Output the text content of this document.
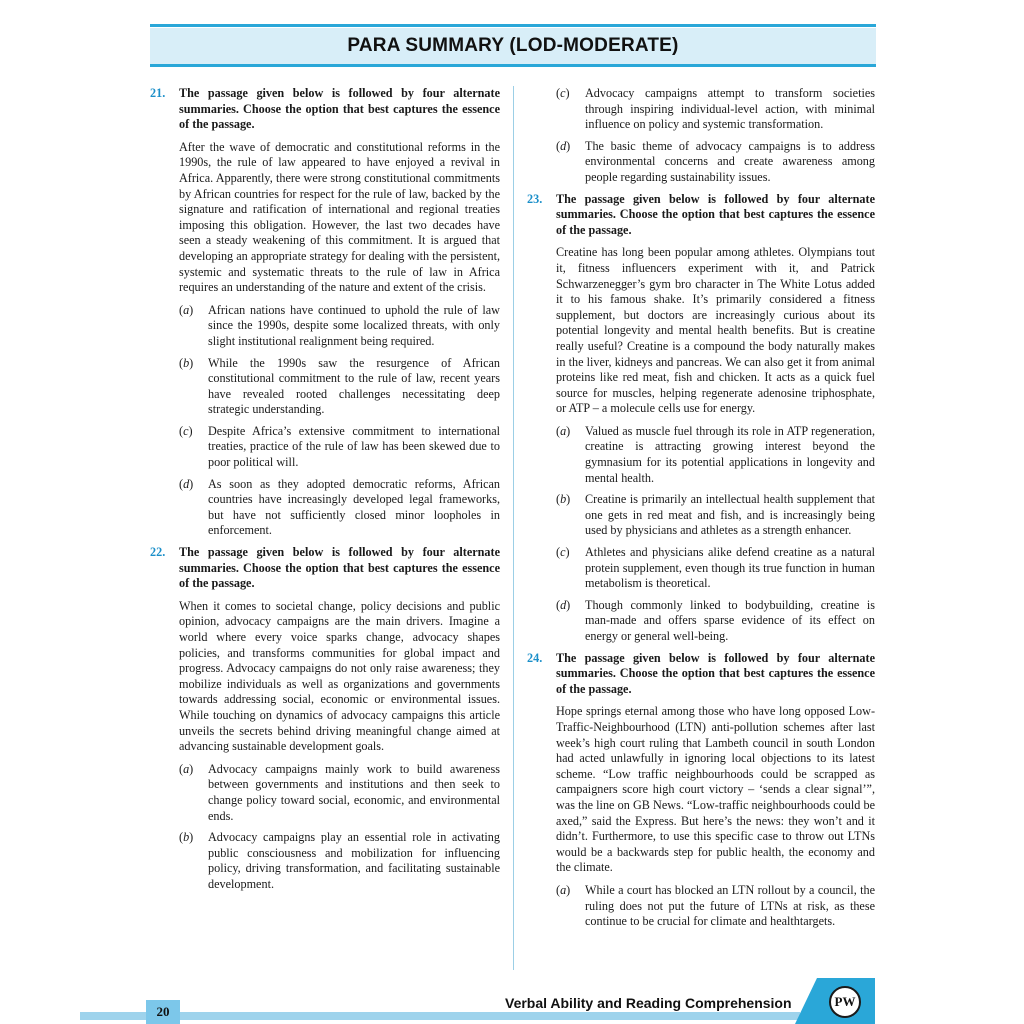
PARA SUMMARY (LOD-MODERATE)
21.	The passage given below is followed by four alternate summaries. Choose the option that best captures the essence of the passage.
After the wave of democratic and constitutional reforms in the 1990s, the rule of law appeared to have enjoyed a revival in Africa. Apparently, there were strong constitutional commitments by African countries for respect for the rule of law, backed by the signature and ratification of international and regional treaties imposing this obligation. However, the last two decades have seen a steady weakening of this commitment. It is argued that developing an appropriate strategy for dealing with the persistent, systemic and systematic threats to the rule of law in Africa requires an understanding of the nature and extent of the crisis.
(a)	African nations have continued to uphold the rule of law since the 1990s, despite some localized threats, with only slight institutional realignment being required.
(b)	While the 1990s saw the resurgence of African constitutional commitment to the rule of law, recent years have revealed rooted challenges necessitating deep strategic understanding.
(c)	Despite Africa’s extensive commitment to international treaties, practice of the rule of law has been skewed due to poor political will.
(d)	As soon as they adopted democratic reforms, African countries have increasingly developed legal frameworks, but have not sufficiently closed minor loopholes in enforcement.
22.	The passage given below is followed by four alternate summaries. Choose the option that best captures the essence of the passage.
When it comes to societal change, policy decisions and public opinion, advocacy campaigns are the main drivers. Imagine a world where every voice sparks change, advocacy shapes policies, and transforms communities for global impact and progress. Advocacy campaigns do not only raise awareness; they mobilize individuals as well as organizations and governments towards addressing social, economic or environmental issues. While touching on dynamics of advocacy campaigns this article unveils the secrets behind driving meaningful change aimed at advancing sustainable development goals.
(a)	Advocacy campaigns mainly work to build awareness between governments and institutions and then seek to change policy toward social, economic, and environmental ends.
(b)	Advocacy campaigns play an essential role in activating public consciousness and mobilization for influencing policy, driving transformation, and facilitating sustainable development.
(c)	Advocacy campaigns attempt to transform societies through inspiring individual-level action, with minimal influence on policy and systemic transformation.
(d)	The basic theme of advocacy campaigns is to address environmental concerns and create awareness among people regarding sustainability issues.
23.	The passage given below is followed by four alternate summaries. Choose the option that best captures the essence of the passage.
Creatine has long been popular among athletes. Olympians tout it, fitness influencers experiment with it, and Patrick Schwarzenegger’s gym bro character in The White Lotus added it to his famous shake. It’s primarily considered a fitness supplement, but doctors are increasingly curious about its potential longevity and mental health benefits. But is creatine really useful? Creatine is a compound the body naturally makes in the liver, kidneys and pancreas. We can also get it from animal proteins like red meat, fish and chicken. It acts as a quick fuel source for muscles, helping regenerate adenosine triphosphate, or ATP – a molecule cells use for energy.
(a)	Valued as muscle fuel through its role in ATP regeneration, creatine is attracting growing interest beyond the gymnasium for its potential applications in longevity and mental health.
(b)	Creatine is primarily an intellectual health supplement that one gets in red meat and fish, and is increasingly being used by physicians and athletes as a strength enhancer.
(c)	Athletes and physicians alike defend creatine as a natural protein supplement, even though its true function in human metabolism is theoretical.
(d)	Though commonly linked to bodybuilding, creatine is man-made and offers sparse evidence of its effect on energy or general well-being.
24.	The passage given below is followed by four alternate summaries. Choose the option that best captures the essence of the passage.
Hope springs eternal among those who have long opposed Low-Traffic-Neighbourhood (LTN) anti-pollution schemes after last week’s high court ruling that Lambeth council in south London had acted unlawfully in ignoring local objections to its latest scheme. “Low traffic neighbourhoods could be scrapped as campaigners score high court victory – ‘sends a clear signal’”, was the line on GB News. “Low-traffic neighbourhoods could be axed,” said the Express. But here’s the news: they won’t and it didn’t. Furthermore, to use this specific case to throw out LTNs would be a backwards step for public health, the economy and the climate.
(a)	While a court has blocked an LTN rollout by a council, the ruling does not put the future of LTNs at risk, as these continue to be crucial for climate and healthtargets.
20
Verbal Ability and Reading Comprehension	PW
